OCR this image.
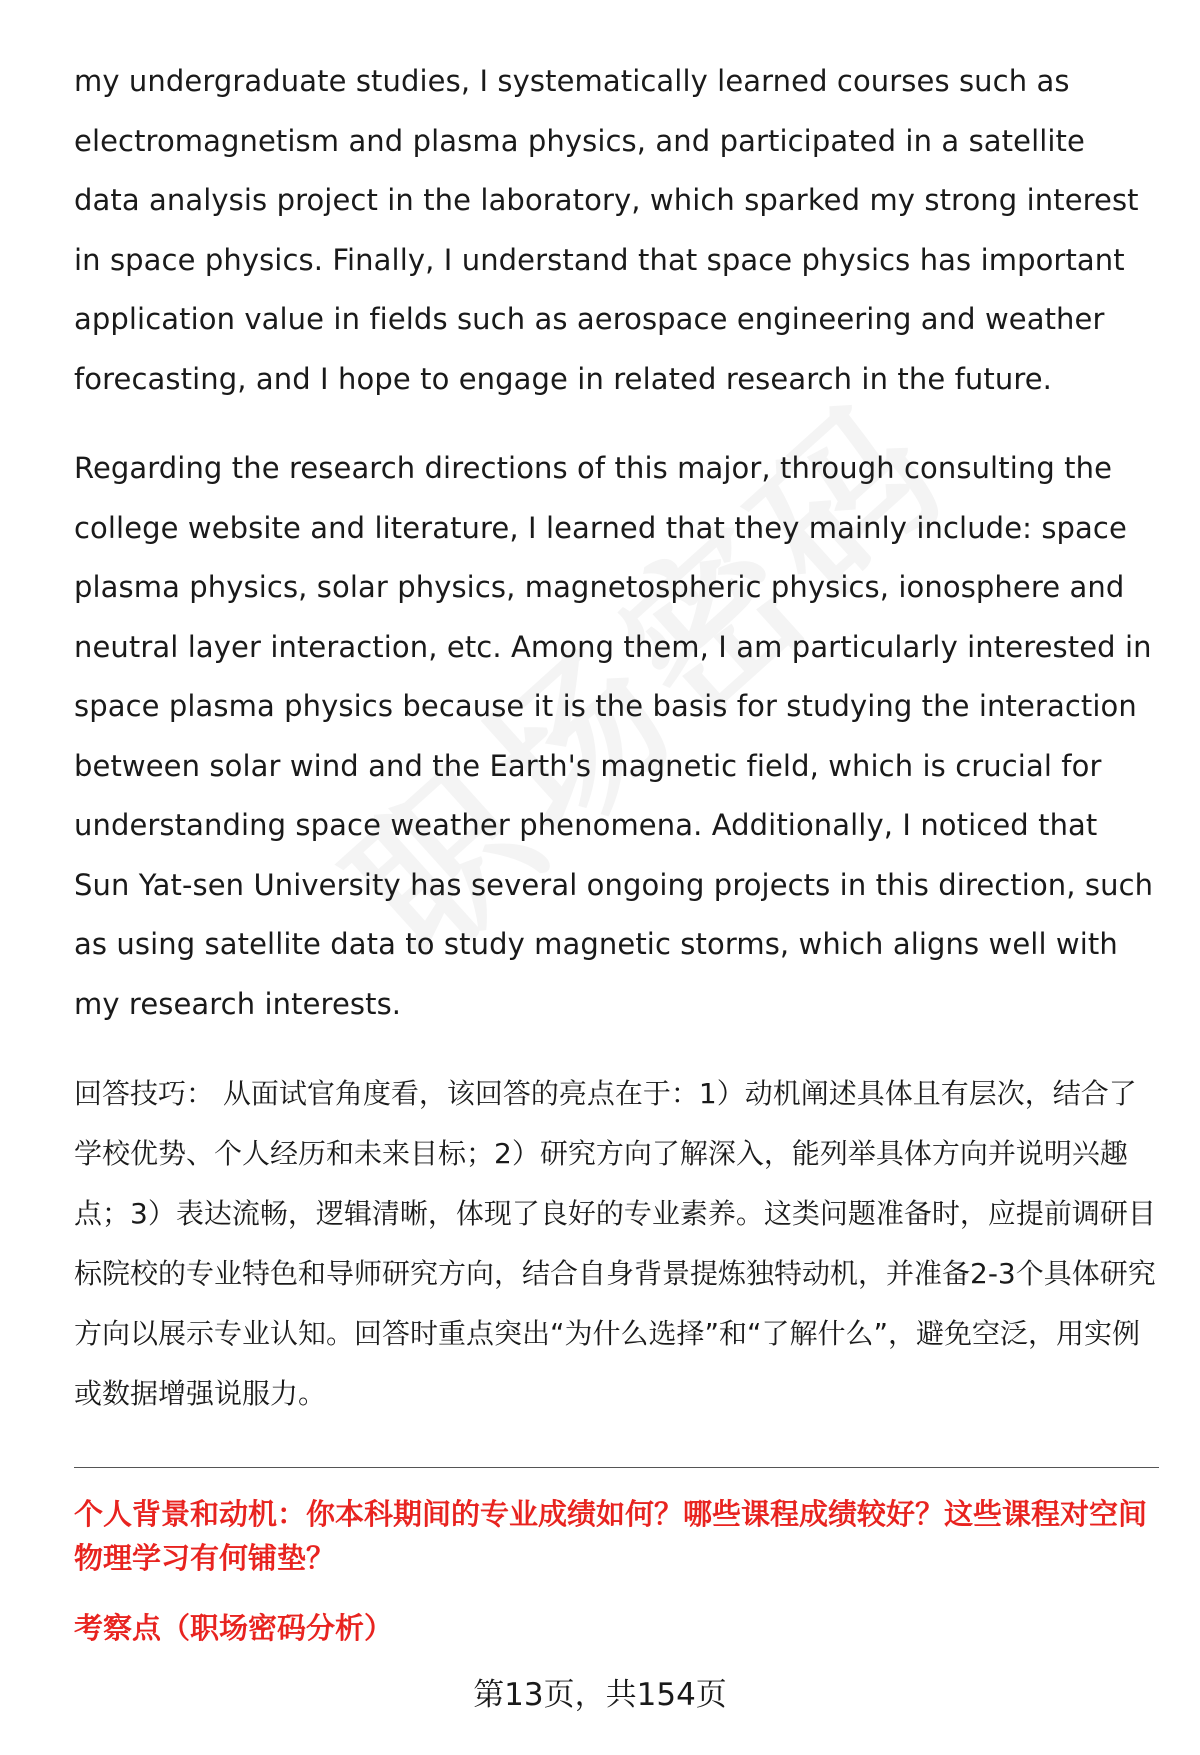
my undergraduate studies, I systematically learned courses such as electromagnetism and plasma physics, and participated in a satellite data analysis project in the laboratory, which sparked my strong interest in space physics. Finally, I understand that space physics has important application value in fields such as aerospace engineering and weather forecasting, and I hope to engage in related research in the future.

Regarding the research directions of this major, through consulting the college website and literature, I learned that they mainly include: space plasma physics, solar physics, magnetospheric physics, ionosphere and neutral layer interaction, etc. Among them, I am particularly interested in space plasma physics because it is the basis for studying the interaction between solar wind and the Earth's magnetic field, which is crucial for understanding space weather phenomena. Additionally, I noticed that Sun Yat-sen University has several ongoing projects in this direction, such as using satellite data to study magnetic storms, which aligns well with my research interests.

回答技巧： 从面试官角度看，该回答的亮点在于：1）动机阐述具体且有层次，结合了学校优势、个人经历和未来目标；2）研究方向了解深入，能列举具体方向并说明兴趣点；3）表达流畅，逻辑清晰，体现了良好的专业素养。这类问题准备时，应提前调研目标院校的专业特色和导师研究方向，结合自身背景提炼独特动机，并准备2-3个具体研究方向以展示专业认知。回答时重点突出“为什么选择”和“了解什么”，避免空泛，用实例或数据增强说服力。

个人背景和动机：你本科期间的专业成绩如何？哪些课程成绩较好？这些课程对空间物理学习有何铺垫？

考察点（职场密码分析）

第13页，共154页
